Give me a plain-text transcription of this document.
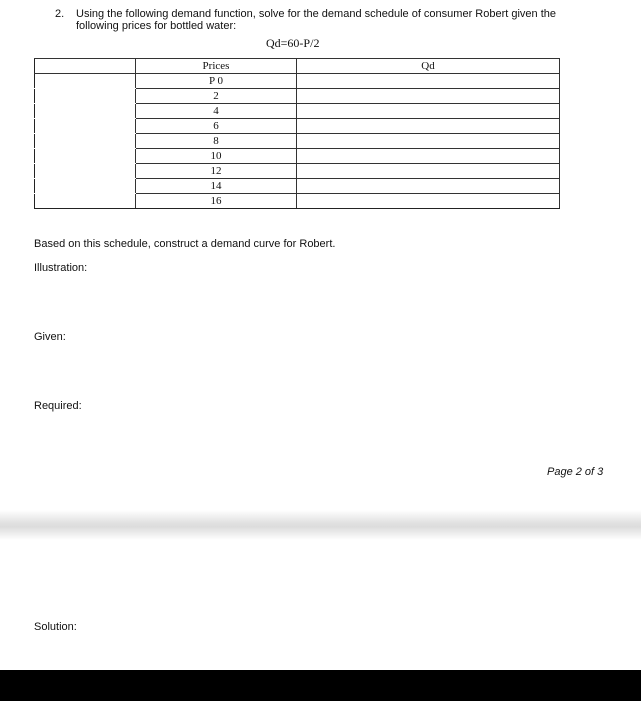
2. Using the following demand function, solve for the demand schedule of consumer Robert given the following prices for bottled water:
Qd=60-P/2
	Prices	Qd
	P 0	
	2	
	4	
	6	
	8	
	10	
	12	
	14	
	16	
Based on this schedule, construct a demand curve for Robert.
Illustration:
Given:
Required:
Page 2 of 3
Solution:
